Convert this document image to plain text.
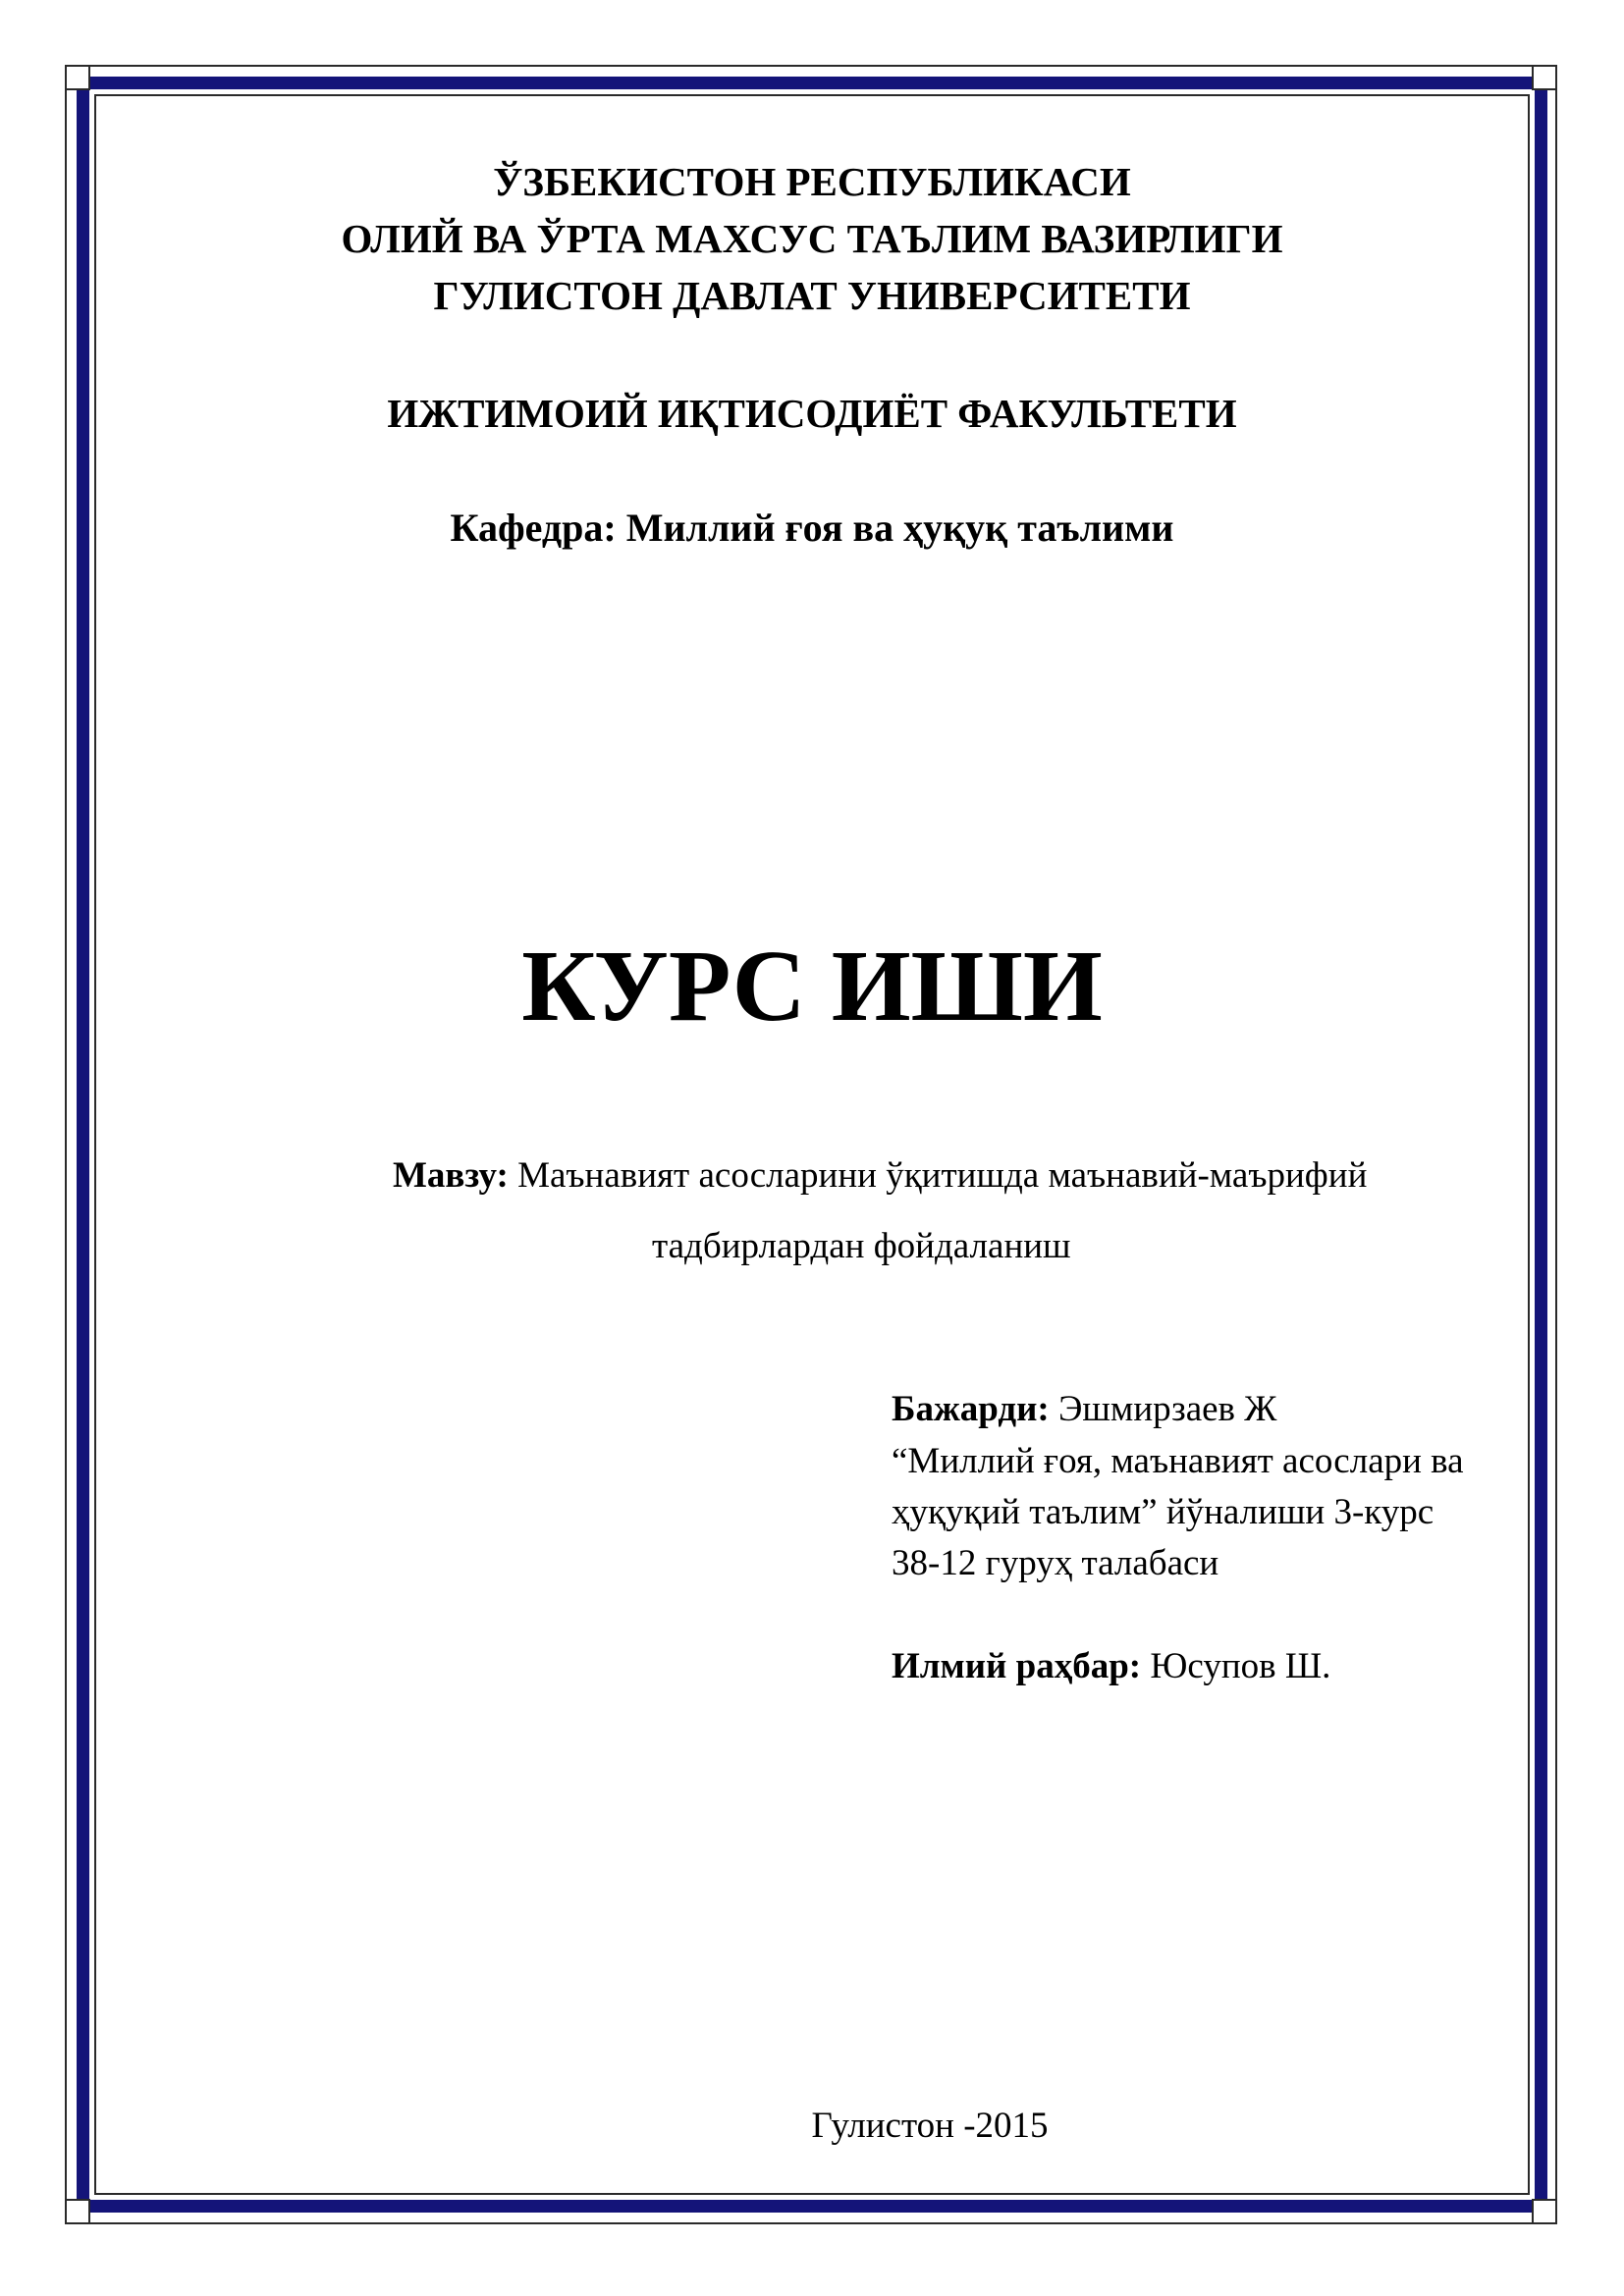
ЎЗБЕКИСТОН РЕСПУБЛИКАСИ

ОЛИЙ ВА ЎРТА МАХСУС ТАЪЛИМ ВАЗИРЛИГИ

ГУЛИСТОН ДАВЛАТ УНИВЕРСИТЕТИ

ИЖТИМОИЙ ИҚТИСОДИЁТ ФАКУЛЬТЕТИ

Кафедра: Миллий ғоя ва ҳуқуқ таълими

КУРС ИШИ
Мавзу: Маънавият асосларини ўқитишда маънавий-маърифий
тадбирлардан фойдаланиш
Бажарди: Эшмирзаев Ж
“Миллий ғоя, маънавият асослари ва
ҳуқуқий таълим” йўналиши 3-курс
38-12 гуруҳ талабаси
Илмий раҳбар: Юсупов Ш.
Гулистон -2015
